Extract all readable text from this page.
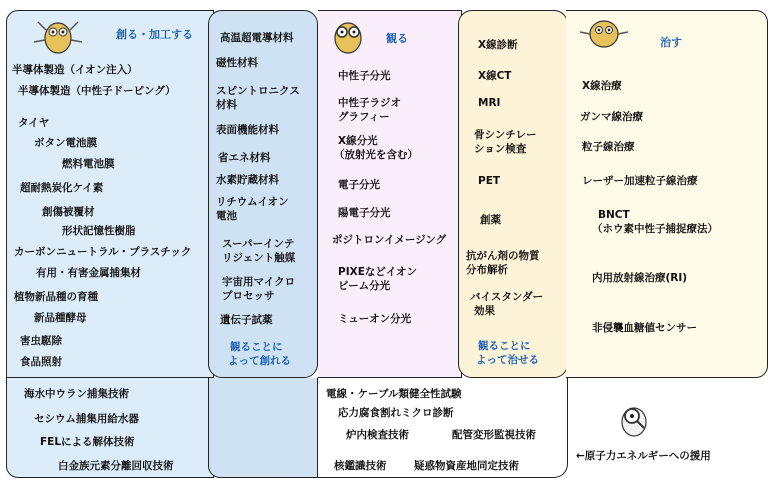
創る・加工する
半導体製造（イオン注入）
半導体製造（中性子ドーピング）
タイヤ
ボタン電池膜
燃料電池膜
超耐熱炭化ケイ素
創傷被覆材
形状記憶性樹脂
カーボンニュートラル・プラスチック
有用・有害金属捕集材
植物新品種の育種
新品種酵母
害虫駆除
食品照射
高温超電導材料
磁性材料
スピントロニクス
材料
表面機能材料
省エネ材料
水素貯蔵材料
リチウムイオン
電池
スーパーインテ
リジェント触媒
宇宙用マイクロ
プロセッサ
遺伝子試薬
観ることに
よって創れる
観る
中性子分光
中性子ラジオ
グラフィー
X線分光
（放射光を含む）
電子分光
陽電子分光
ポジトロンイメージング
PIXEなどイオン
ビーム分光
ミューオン分光
X線診断
X線CT
MRI
骨シンチレー
ション検査
PET
創薬
抗がん剤の物質
分布解析
バイスタンダー
効果
観ることに
よって治せる
治す
X線治療
ガンマ線治療
粒子線治療
レーザー加速粒子線治療
BNCT
（ホウ素中性子捕捉療法）
内用放射線治療(RI)
非侵襲血糖値センサー
海水中ウラン捕集技術
セシウム捕集用給水器
FELによる解体技術
白金族元素分離回収技術
電線・ケーブル類健全性試験
応力腐食割れミクロ診断
炉内検査技術	配管変形監視技術
核鑑識技術	疑惑物資産地同定技術
←原子力エネルギーへの援用
